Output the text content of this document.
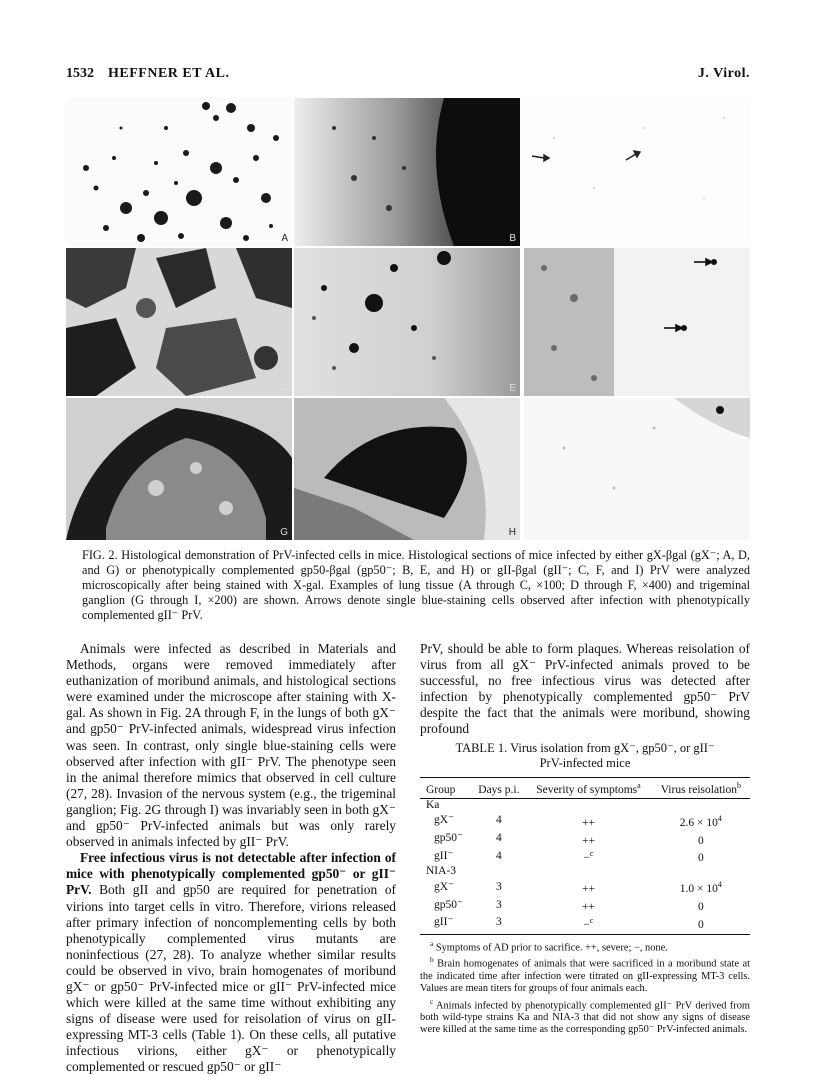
1532 HEFFNER ET AL.	J. Virol.
A	B
D	E
G	H
FIG. 2. Histological demonstration of PrV-infected cells in mice. Histological sections of mice infected by either gX-βgal (gX⁻; A, D, and G) or phenotypically complemented gp50-βgal (gp50⁻; B, E, and H) or gII-βgal (gII⁻; C, F, and I) PrV were analyzed microscopically after being stained with X-gal. Examples of lung tissue (A through C, ×100; D through F, ×400) and trigeminal ganglion (G through I, ×200) are shown. Arrows denote single blue-staining cells observed after infection with phenotypically complemented gII⁻ PrV.

Animals were infected as described in Materials and Methods, organs were removed immediately after euthanization of moribund animals, and histological sections were examined under the microscope after staining with X-gal. As shown in Fig. 2A through F, in the lungs of both gX⁻ and gp50⁻ PrV-infected animals, widespread virus infection was seen. In contrast, only single blue-staining cells were observed after infection with gII⁻ PrV. The phenotype seen in the animal therefore mimics that observed in cell culture (27, 28). Invasion of the nervous system (e.g., the trigeminal ganglion; Fig. 2G through I) was invariably seen in both gX⁻ and gp50⁻ PrV-infected animals but was only rarely observed in animals infected by gII⁻ PrV.

Free infectious virus is not detectable after infection of mice with phenotypically complemented gp50⁻ or gII⁻ PrV. Both gII and gp50 are required for penetration of virions into target cells in vitro. Therefore, virions released after primary infection of noncomplementing cells by both phenotypically complemented virus mutants are noninfectious (27, 28). To analyze whether similar results could be observed in vivo, brain homogenates of moribund gX⁻ or gp50⁻ PrV-infected mice or gII⁻ PrV-infected mice which were killed at the same time without exhibiting any signs of disease were used for reisolation of virus on gII-expressing MT-3 cells (Table 1). On these cells, all putative infectious virions, either gX⁻ or phenotypically complemented or rescued gp50⁻ or gII⁻

PrV, should be able to form plaques. Whereas reisolation of virus from all gX⁻ PrV-infected animals proved to be successful, no free infectious virus was detected after infection by phenotypically complemented gp50⁻ PrV despite the fact that the animals were moribund, showing profound

TABLE 1. Virus isolation from gX⁻, gp50⁻, or gII⁻
PrV-infected mice
Group	Days p.i.	Severity of symptoms$^a$	Virus reisolation$^b$
Ka			
gX⁻	4	++	$2.6 \times 10^4$
gp50⁻	4	++	0
gII⁻	4	−$^c$	0
NIA-3			
gX⁻	3	++	$1.0 \times 10^4$
gp50⁻	3	++	0
gII⁻	3	−$^c$	0

$^a$ Symptoms of AD prior to sacrifice. ++, severe; −, none.

$^b$ Brain homogenates of animals that were sacrificed in a moribund state at the indicated time after infection were titrated on gII-expressing MT-3 cells. Values are mean titers for groups of four animals each.

$^c$ Animals infected by phenotypically complemented gII⁻ PrV derived from both wild-type strains Ka and NIA-3 that did not show any signs of disease were killed at the same time as the corresponding gp50⁻ PrV-infected animals.
